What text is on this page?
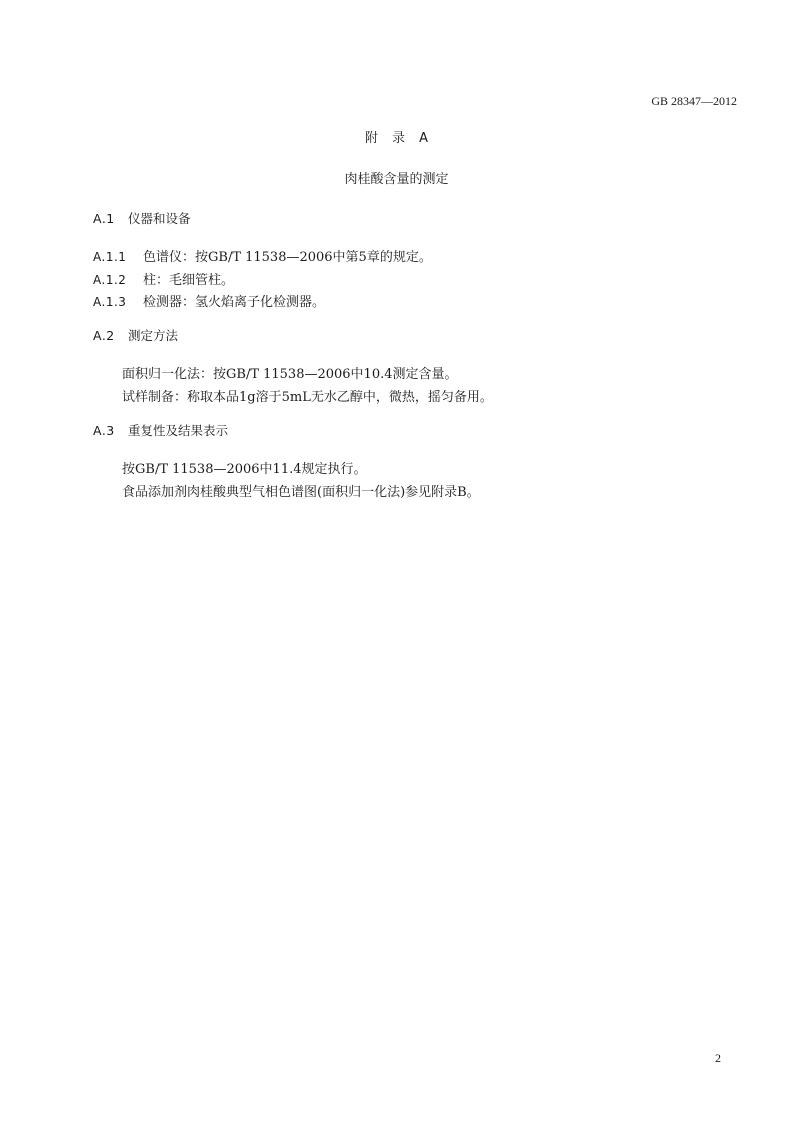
GB 28347—2012
附 录 A
肉桂酸含量的测定
A.1 仪器和设备
A.1.1 色谱仪：按GB/T 11538—2006中第5章的规定。
A.1.2 柱：毛细管柱。
A.1.3 检测器：氢火焰离子化检测器。
A.2 测定方法
面积归一化法：按GB/T 11538—2006中10.4测定含量。
试样制备：称取本品1g溶于5mL无水乙醇中，微热，摇匀备用。
A.3 重复性及结果表示
按GB/T 11538—2006中11.4规定执行。
食品添加剂肉桂酸典型气相色谱图(面积归一化法)参见附录B。
2
